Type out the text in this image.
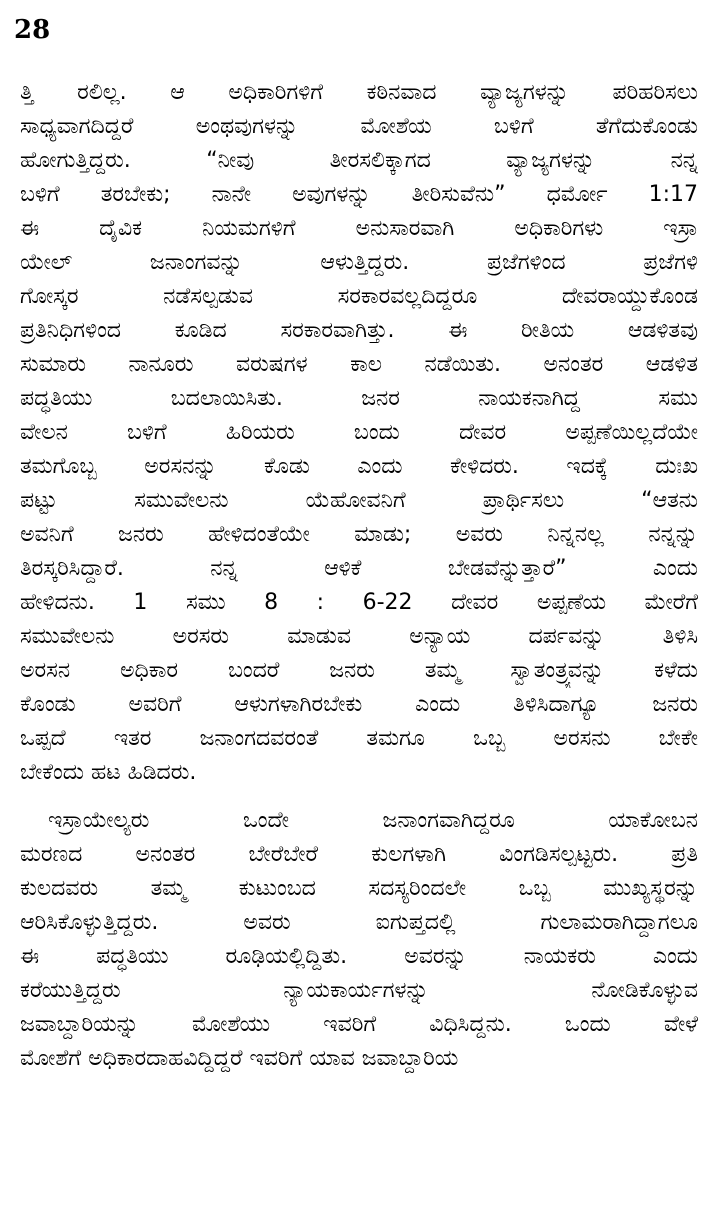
28
ತ್ತಿ ರಲಿಲ್ಲ. ಆ ಅಧಿಕಾರಿಗಳಿಗೆ ಕಠಿನವಾದ ವ್ಯಾಜ್ಯಗಳನ್ನು ಪರಿಹರಿಸಲು
ಸಾಧ್ಯವಾಗದಿದ್ದರೆ ಅಂಥವುಗಳನ್ನು ಮೋಶೆಯ ಬಳಿಗೆ ತೆಗೆದುಕೊಂಡು
ಹೋಗುತ್ತಿದ್ದರು. “ನೀವು ತೀರಸಲಿಕ್ಕಾಗದ ವ್ಯಾಜ್ಯಗಳನ್ನು ನನ್ನ
ಬಳಿಗೆ ತರಬೇಕು; ನಾನೇ ಅವುಗಳನ್ನು ತೀರಿಸುವೆನು” ಧರ್ಮೋ 1:17
ಈ ದೈವಿಕ ನಿಯಮಗಳಿಗೆ ಅನುಸಾರವಾಗಿ ಅಧಿಕಾರಿಗಳು ಇಸ್ರಾ
ಯೇಲ್ ಜನಾಂಗವನ್ನು ಆಳುತ್ತಿದ್ದರು. ಪ್ರಜೆಗಳಿಂದ ಪ್ರಜೆಗಳಿ
ಗೋಸ್ಕರ ನಡೆಸಲ್ಪಡುವ ಸರಕಾರವಲ್ಲದಿದ್ದರೂ ದೇವರಾಯ್ದುಕೊಂಡ
ಪ್ರತಿನಿಧಿಗಳಿಂದ ಕೂಡಿದ ಸರಕಾರವಾಗಿತ್ತು. ಈ ರೀತಿಯ ಆಡಳಿತವು
ಸುಮಾರು ನಾನೂರು ವರುಷಗಳ ಕಾಲ ನಡೆಯಿತು. ಅನಂತರ ಆಡಳಿತ
ಪದ್ಧತಿಯು ಬದಲಾಯಿಸಿತು. ಜನರ ನಾಯಕನಾಗಿದ್ದ ಸಮು
ವೇಲನ ಬಳಿಗೆ ಹಿರಿಯರು ಬಂದು ದೇವರ ಅಪ್ಪಣೆಯಿಲ್ಲದೆಯೇ
ತಮಗೊಬ್ಬ ಅರಸನನ್ನು ಕೊಡು ಎಂದು ಕೇಳಿದರು. ಇದಕ್ಕೆ ದುಃಖ
ಪಟ್ಟು ಸಮುವೇಲನು ಯೆಹೋವನಿಗೆ ಪ್ರಾರ್ಥಿಸಲು “ಆತನು
ಅವನಿಗೆ ಜನರು ಹೇಳಿದಂತೆಯೇ ಮಾಡು; ಅವರು ನಿನ್ನನಲ್ಲ ನನ್ನನ್ನು
ತಿರಸ್ಕರಿಸಿದ್ದಾರೆ. ನನ್ನ ಆಳಿಕೆ ಬೇಡವೆನ್ನುತ್ತಾರೆ” ಎಂದು
ಹೇಳಿದನು. 1 ಸಮು 8 : 6-22 ದೇವರ ಅಪ್ಪಣೆಯ ಮೇರೆಗೆ
ಸಮುವೇಲನು ಅರಸರು ಮಾಡುವ ಅನ್ಯಾಯ ದರ್ಪವನ್ನು ತಿಳಿಸಿ
ಅರಸನ ಅಧಿಕಾರ ಬಂದರೆ ಜನರು ತಮ್ಮ ಸ್ವಾತಂತ್ರ್ಯವನ್ನು ಕಳೆದು
ಕೊಂಡು ಅವರಿಗೆ ಆಳುಗಳಾಗಿರಬೇಕು ಎಂದು ತಿಳಿಸಿದಾಗ್ಯೂ ಜನರು
ಒಪ್ಪದೆ ಇತರ ಜನಾಂಗದವರಂತೆ ತಮಗೂ ಒಬ್ಬ ಅರಸನು ಬೇಕೇ
ಬೇಕೆಂದು ಹಟ ಹಿಡಿದರು.
ಇಸ್ರಾಯೇಲ್ಯರು ಒಂದೇ ಜನಾಂಗವಾಗಿದ್ದರೂ ಯಾಕೋಬನ
ಮರಣದ ಅನಂತರ ಬೇರೆಬೇರೆ ಕುಲಗಳಾಗಿ ವಿಂಗಡಿಸಲ್ಪಟ್ಟರು. ಪ್ರತಿ
ಕುಲದವರು ತಮ್ಮ ಕುಟುಂಬದ ಸದಸ್ಯರಿಂದಲೇ ಒಬ್ಬ ಮುಖ್ಯಸ್ಥರನ್ನು
ಆರಿಸಿಕೊಳ್ಳುತ್ತಿದ್ದರು. ಅವರು ಐಗುಪ್ತದಲ್ಲಿ ಗುಲಾಮರಾಗಿದ್ದಾಗಲೂ
ಈ ಪದ್ಧತಿಯು ರೂಢಿಯಲ್ಲಿದ್ದಿತು. ಅವರನ್ನು ನಾಯಕರು ಎಂದು
ಕರೆಯುತ್ತಿದ್ದರು ನ್ಯಾಯಕಾರ್ಯಗಳನ್ನು ನೋಡಿಕೊಳ್ಳುವ
ಜವಾಬ್ದಾರಿಯನ್ನು ಮೋಶೆಯು ಇವರಿಗೆ ವಿಧಿಸಿದ್ದನು. ಒಂದು ವೇಳೆ
ಮೋಶೆಗೆ ಅಧಿಕಾರದಾಹವಿದ್ದಿದ್ದರೆ ಇವರಿಗೆ ಯಾವ ಜವಾಬ್ದಾರಿಯ
